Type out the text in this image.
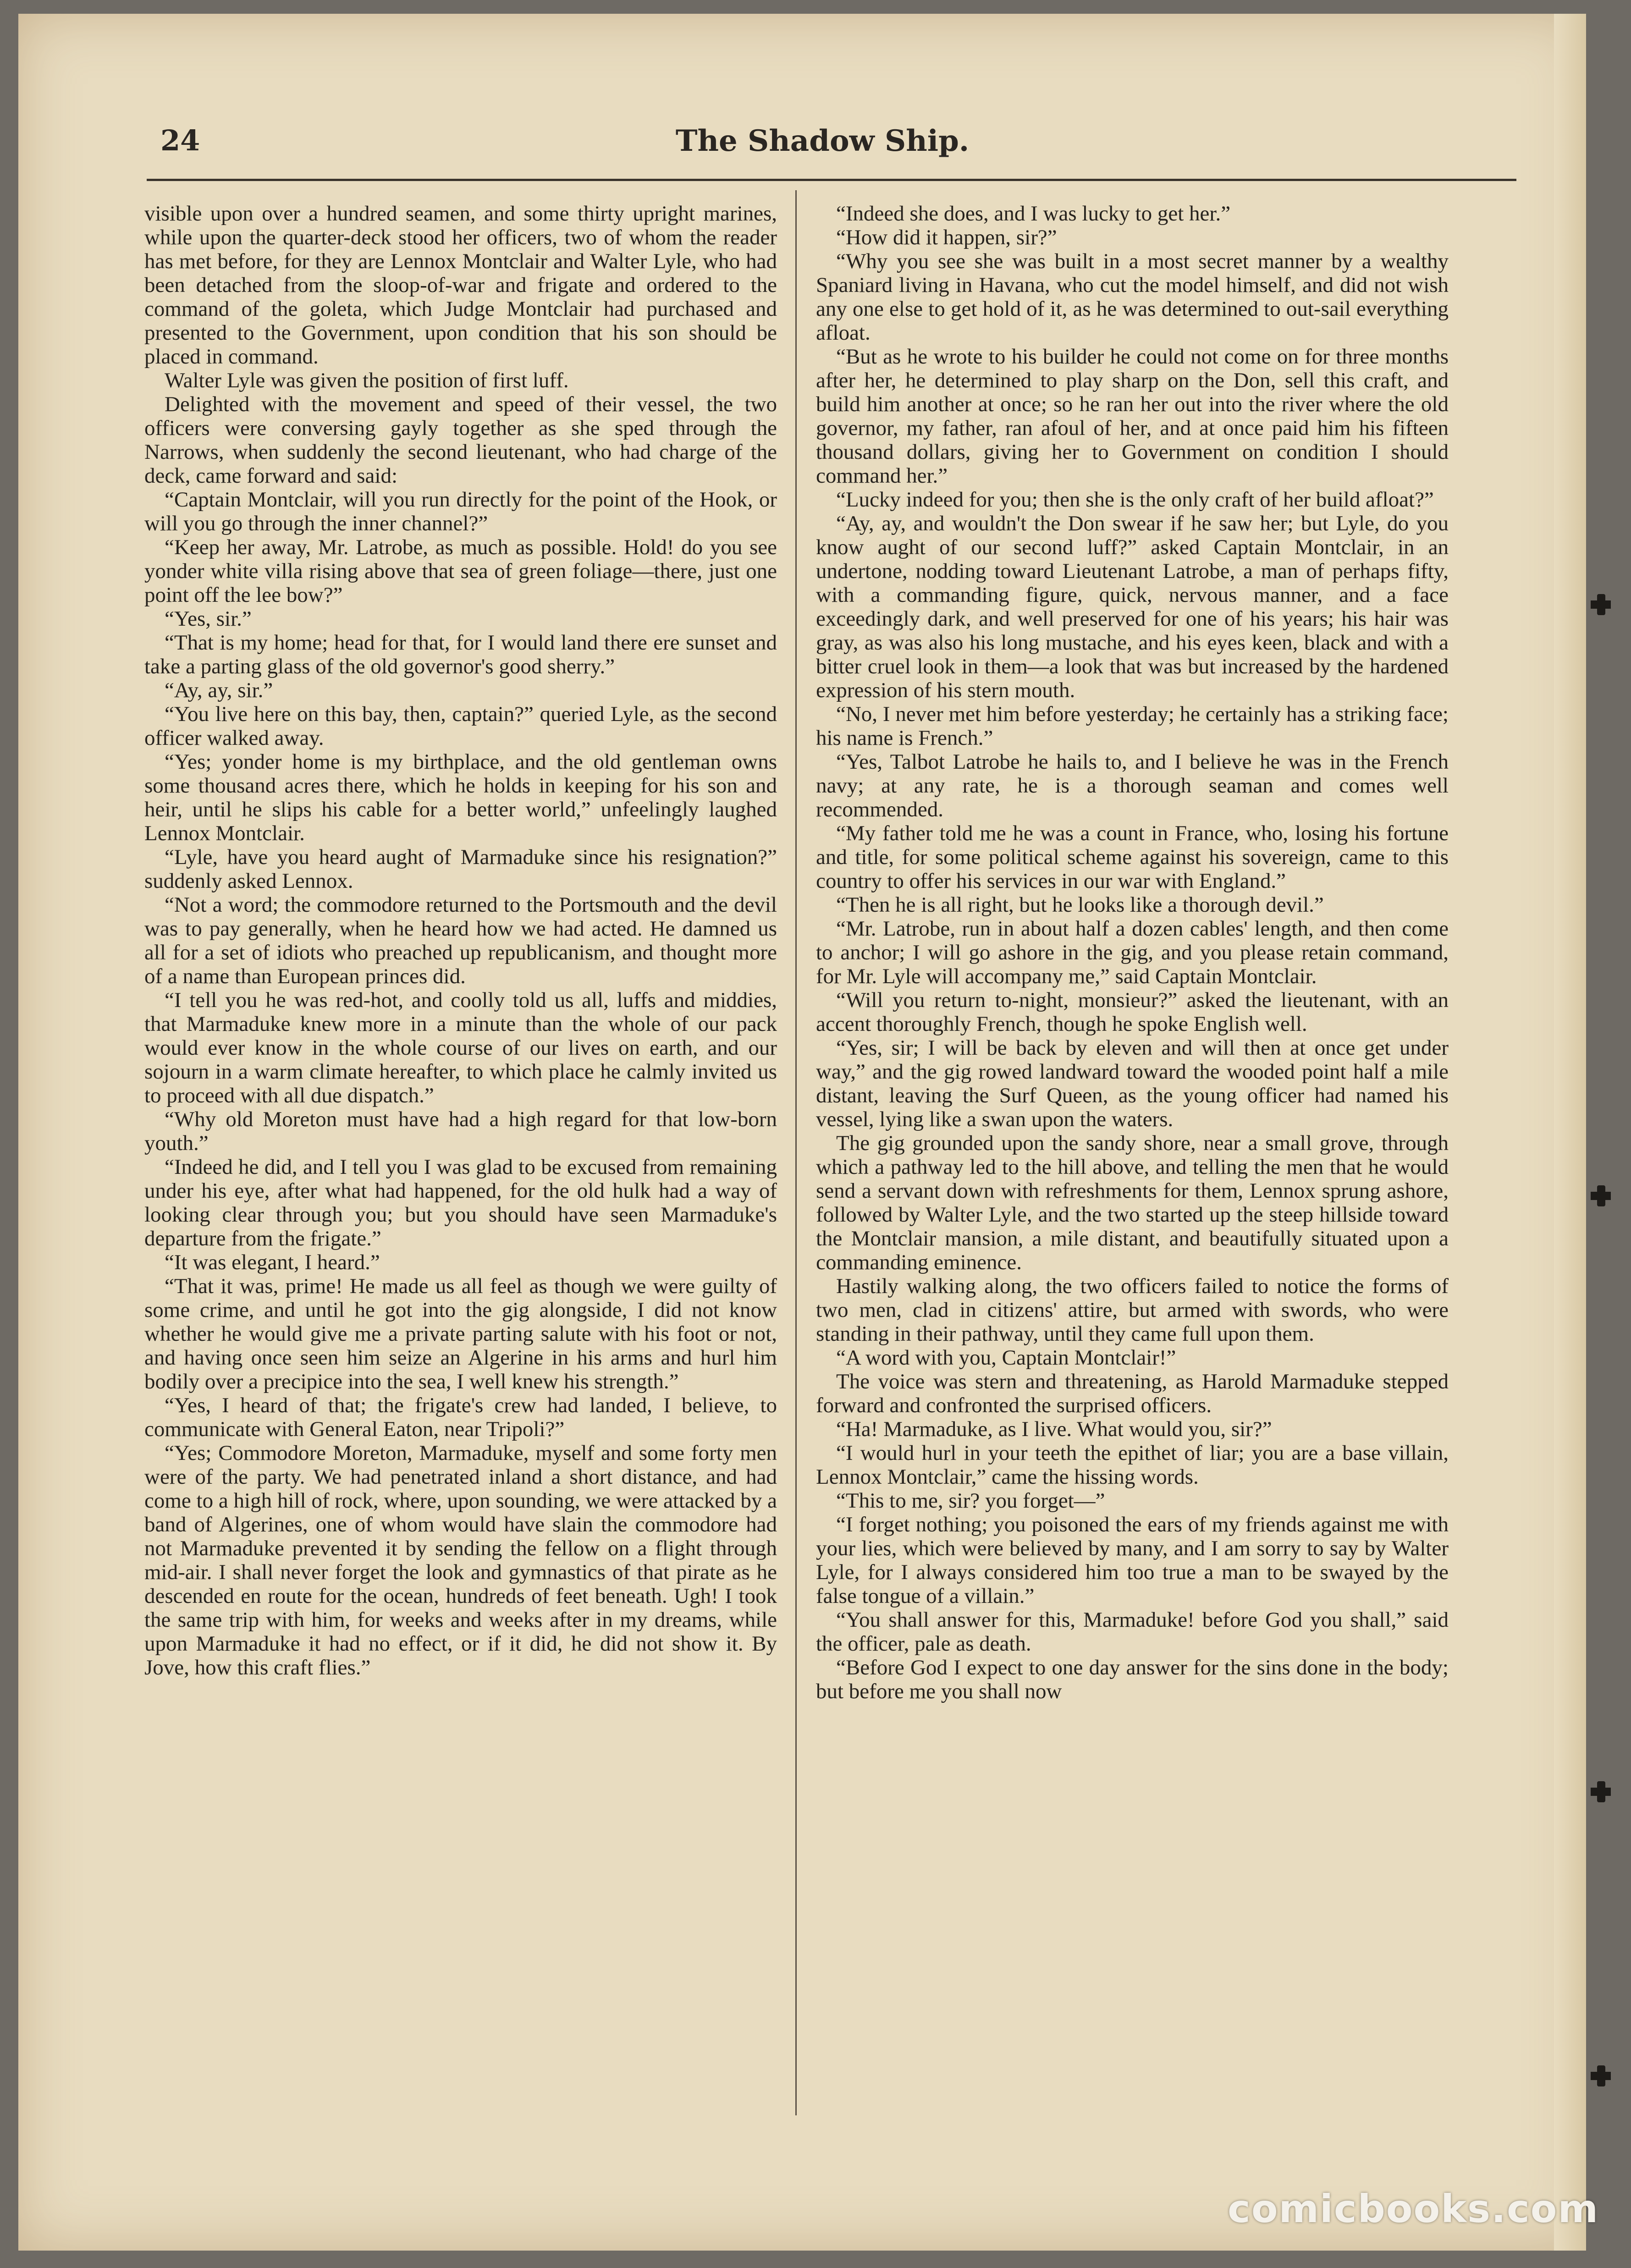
24	The Shadow Ship.

visible upon over a hundred seamen, and some thirty upright marines, while upon the quarter-deck stood her officers, two of whom the reader has met before, for they are Lennox Montclair and Walter Lyle, who had been detached from the sloop-of-war and frigate and ordered to the command of the goleta, which Judge Montclair had purchased and presented to the Government, upon condition that his son should be placed in command.

Walter Lyle was given the position of first luff.

Delighted with the movement and speed of their vessel, the two officers were conversing gayly together as she sped through the Narrows, when suddenly the second lieutenant, who had charge of the deck, came forward and said:

“Captain Montclair, will you run directly for the point of the Hook, or will you go through the inner channel?”

“Keep her away, Mr. Latrobe, as much as possible. Hold! do you see yonder white villa rising above that sea of green foliage—there, just one point off the lee bow?”

“Yes, sir.”

“That is my home; head for that, for I would land there ere sunset and take a parting glass of the old governor's good sherry.”

“Ay, ay, sir.”

“You live here on this bay, then, captain?” queried Lyle, as the second officer walked away.

“Yes; yonder home is my birthplace, and the old gentleman owns some thousand acres there, which he holds in keeping for his son and heir, until he slips his cable for a better world,” unfeelingly laughed Lennox Montclair.

“Lyle, have you heard aught of Marmaduke since his resignation?” suddenly asked Lennox.

“Not a word; the commodore returned to the Portsmouth and the devil was to pay generally, when he heard how we had acted. He damned us all for a set of idiots who preached up republicanism, and thought more of a name than European princes did.

“I tell you he was red-hot, and coolly told us all, luffs and middies, that Marmaduke knew more in a minute than the whole of our pack would ever know in the whole course of our lives on earth, and our sojourn in a warm climate hereafter, to which place he calmly invited us to proceed with all due dispatch.”

“Why old Moreton must have had a high regard for that low-born youth.”

“Indeed he did, and I tell you I was glad to be excused from remaining under his eye, after what had happened, for the old hulk had a way of looking clear through you; but you should have seen Marmaduke's departure from the frigate.”

“It was elegant, I heard.”

“That it was, prime! He made us all feel as though we were guilty of some crime, and until he got into the gig alongside, I did not know whether he would give me a private parting salute with his foot or not, and having once seen him seize an Algerine in his arms and hurl him bodily over a precipice into the sea, I well knew his strength.”

“Yes, I heard of that; the frigate's crew had landed, I believe, to communicate with General Eaton, near Tripoli?”

“Yes; Commodore Moreton, Marmaduke, myself and some forty men were of the party. We had penetrated inland a short distance, and had come to a high hill of rock, where, upon sounding, we were attacked by a band of Algerines, one of whom would have slain the commodore had not Marmaduke prevented it by sending the fellow on a flight through mid-air. I shall never forget the look and gymnastics of that pirate as he descended en route for the ocean, hundreds of feet beneath. Ugh! I took the same trip with him, for weeks and weeks after in my dreams, while upon Marmaduke it had no effect, or if it did, he did not show it. By Jove, how this craft flies.”

“Indeed she does, and I was lucky to get her.”

“How did it happen, sir?”

“Why you see she was built in a most secret manner by a wealthy Spaniard living in Havana, who cut the model himself, and did not wish any one else to get hold of it, as he was determined to out-sail everything afloat.

“But as he wrote to his builder he could not come on for three months after her, he determined to play sharp on the Don, sell this craft, and build him another at once; so he ran her out into the river where the old governor, my father, ran afoul of her, and at once paid him his fifteen thousand dollars, giving her to Government on condition I should command her.”

“Lucky indeed for you; then she is the only craft of her build afloat?”

“Ay, ay, and wouldn't the Don swear if he saw her; but Lyle, do you know aught of our second luff?” asked Captain Montclair, in an undertone, nodding toward Lieutenant Latrobe, a man of perhaps fifty, with a commanding figure, quick, nervous manner, and a face exceedingly dark, and well preserved for one of his years; his hair was gray, as was also his long mustache, and his eyes keen, black and with a bitter cruel look in them—a look that was but increased by the hardened expression of his stern mouth.

“No, I never met him before yesterday; he certainly has a striking face; his name is French.”

“Yes, Talbot Latrobe he hails to, and I believe he was in the French navy; at any rate, he is a thorough seaman and comes well recommended.

“My father told me he was a count in France, who, losing his fortune and title, for some political scheme against his sovereign, came to this country to offer his services in our war with England.”

“Then he is all right, but he looks like a thorough devil.”

“Mr. Latrobe, run in about half a dozen cables' length, and then come to anchor; I will go ashore in the gig, and you please retain command, for Mr. Lyle will accompany me,” said Captain Montclair.

“Will you return to-night, monsieur?” asked the lieutenant, with an accent thoroughly French, though he spoke English well.

“Yes, sir; I will be back by eleven and will then at once get under way,” and the gig rowed landward toward the wooded point half a mile distant, leaving the Surf Queen, as the young officer had named his vessel, lying like a swan upon the waters.

The gig grounded upon the sandy shore, near a small grove, through which a pathway led to the hill above, and telling the men that he would send a servant down with refreshments for them, Lennox sprung ashore, followed by Walter Lyle, and the two started up the steep hillside toward the Montclair mansion, a mile distant, and beautifully situated upon a commanding eminence.

Hastily walking along, the two officers failed to notice the forms of two men, clad in citizens' attire, but armed with swords, who were standing in their pathway, until they came full upon them.

“A word with you, Captain Montclair!”

The voice was stern and threatening, as Harold Marmaduke stepped forward and confronted the surprised officers.

“Ha! Marmaduke, as I live. What would you, sir?”

“I would hurl in your teeth the epithet of liar; you are a base villain, Lennox Montclair,” came the hissing words.

“This to me, sir? you forget—”

“I forget nothing; you poisoned the ears of my friends against me with your lies, which were believed by many, and I am sorry to say by Walter Lyle, for I always considered him too true a man to be swayed by the false tongue of a villain.”

“You shall answer for this, Marmaduke! before God you shall,” said the officer, pale as death.

“Before God I expect to one day answer for the sins done in the body; but before me you shall now

comicbooks.com
